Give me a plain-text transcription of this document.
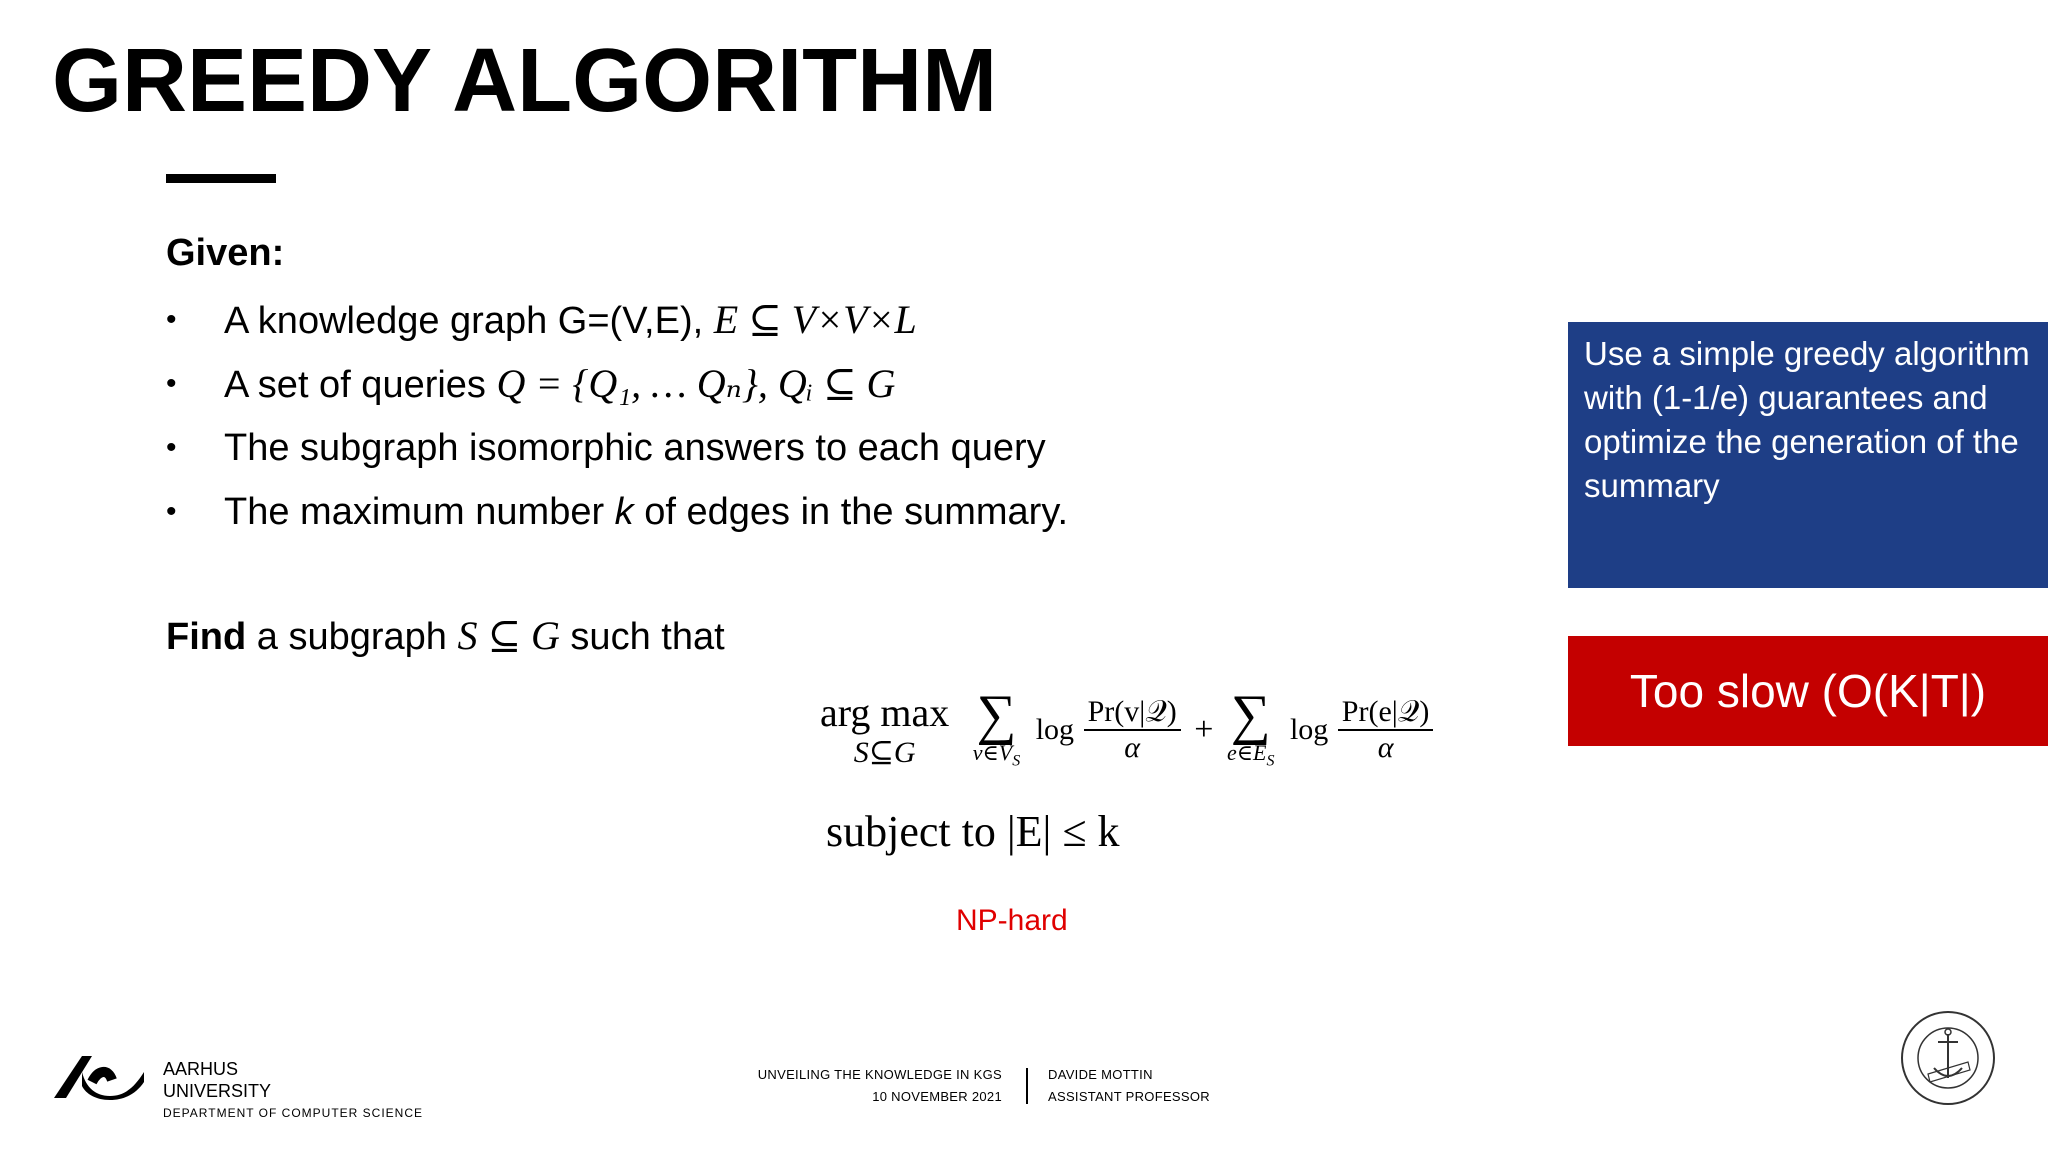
GREEDY ALGORITHM
Given:
• A knowledge graph G=(V,E), E ⊆ V×V×L
• A set of queries Q = {Q₁, … Qₙ}, Qᵢ ⊆ G
• The subgraph isomorphic answers to each query
• The maximum number k of edges in the summary.
Find a subgraph S ⊆ G such that
arg max
S⊆G

∑
$v\in V_S$
$\log \frac{\text{Pr(v|𝒬)}}{\alpha}$ + ∑
$e\in E_S$
$\log \frac{\text{Pr(e|𝒬)}}{\alpha}$
subject to |E| ≤ k
NP-hard
Use a simple greedy algorithm with (1-1/e) guarantees and optimize the generation of the summary
Too slow (O(K|T|)
AARHUS
UNIVERSITY
DEPARTMENT OF COMPUTER SCIENCE
UNVEILING THE KNOWLEDGE IN KGS
10 NOVEMBER 2021
DAVIDE MOTTIN
ASSISTANT PROFESSOR
